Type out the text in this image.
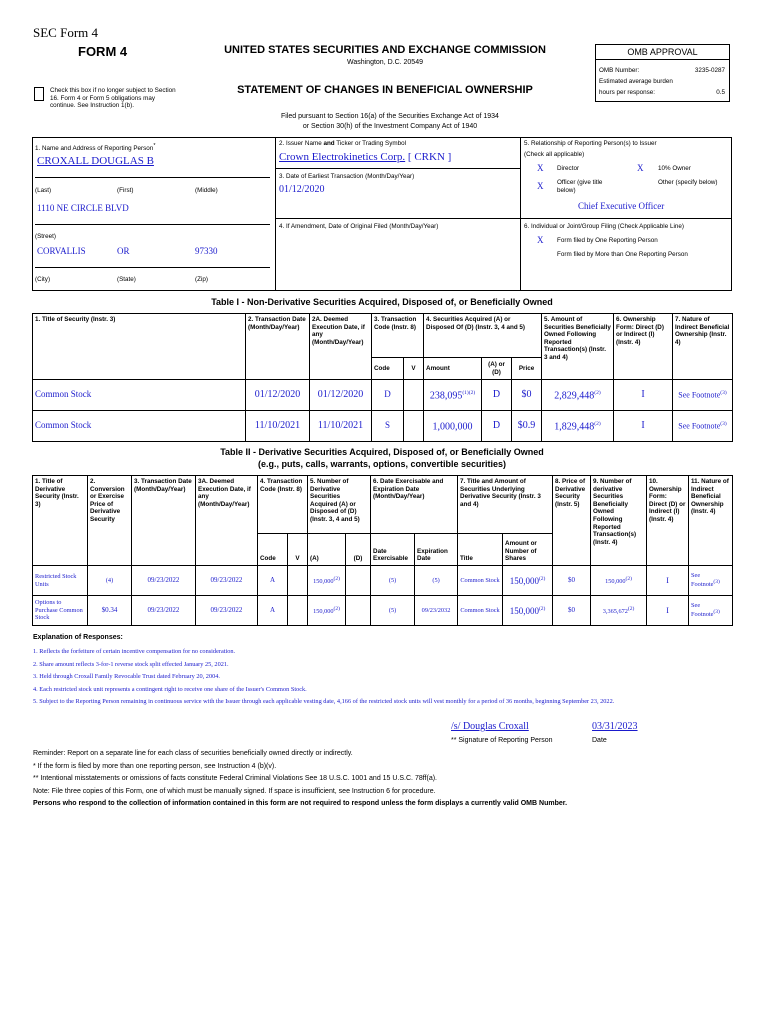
SEC Form 4
FORM 4	UNITED STATES SECURITIES AND EXCHANGE COMMISSION
Washington, D.C. 20549
Check this box if no longer subject to Section 16. Form 4 or Form 5 obligations may continue. See Instruction 1(b).
STATEMENT OF CHANGES IN BENEFICIAL OWNERSHIP
Filed pursuant to Section 16(a) of the Securities Exchange Act of 1934
or Section 30(h) of the Investment Company Act of 1940
OMB APPROVAL
OMB Number:	3235-0287
Estimated average burden
hours per response:	0.5
1. Name and Address of Reporting Person*
CROXALL DOUGLAS B
(Last)	(First)	(Middle)
1110 NE CIRCLE BLVD
(Street)
CORVALLIS	OR	97330
(City)	(State)	(Zip)
2. Issuer Name and Ticker or Trading Symbol
Crown Electrokinetics Corp. [ CRKN ]
3. Date of Earliest Transaction (Month/Day/Year)
01/12/2020
4. If Amendment, Date of Original Filed (Month/Day/Year)
5. Relationship of Reporting Person(s) to Issuer
(Check all applicable)
X Director	X 10% Owner
X Officer (give title below)
Other (specify below)
Chief Executive Officer
6. Individual or Joint/Group Filing (Check Applicable Line)
X Form filed by One Reporting Person
Form filed by More than One Reporting Person
Table I - Non-Derivative Securities Acquired, Disposed of, or Beneficially Owned
1. Title of Security (Instr. 3)	2. Transaction Date (Month/Day/Year)	2A. Deemed Execution Date, if any (Month/Day/Year)	3. Transaction Code (Instr. 8)		4. Securities Acquired (A) or Disposed Of (D) (Instr. 3, 4 and 5)			5. Amount of Securities Beneficially Owned Following Reported Transaction(s) (Instr. 3 and 4)	6. Ownership Form: Direct (D) or Indirect (I) (Instr. 4)	7. Nature of Indirect Beneficial Ownership (Instr. 4)
			Code	V	Amount	(A) or (D)	Price			
Common Stock	01/12/2020	01/12/2020	D		$238,095^{(1)(2)}$	D	$0	2,829,448$^{(2)}$	I	See Footnote$^{(3)}$
Common Stock	11/10/2021	11/10/2021	S		1,000,000	D	$0.9	1,829,448$^{(2)}$	I	See Footnote$^{(3)}$
Table II - Derivative Securities Acquired, Disposed of, or Beneficially Owned
(e.g., puts, calls, warrants, options, convertible securities)
1. Title of Derivative Security (Instr. 3)	2. Conversion or Exercise Price of Derivative Security	3. Transaction Date (Month/Day/Year)	3A. Deemed Execution Date, if any (Month/Day/Year)	4. Transaction Code (Instr. 8)		5. Number of Derivative Securities Acquired (A) or Disposed of (D) (Instr. 3, 4 and 5)		6. Date Exercisable and Expiration Date (Month/Day/Year)		7. Title and Amount of Securities Underlying Derivative Security (Instr. 3 and 4)		8. Price of Derivative Security (Instr. 5)	9. Number of derivative Securities Beneficially Owned Following Reported Transaction(s) (Instr. 4)	10. Ownership Form: Direct (D) or Indirect (I) (Instr. 4)	11. Nature of Indirect Beneficial Ownership (Instr. 4)
				Code	V	(A)	(D)	Date Exercisable	Expiration Date	Title	Amount or Number of Shares				
Restricted Stock Units	(4)	09/23/2022	09/23/2022	A		150,000(2)		(5)	(5)	Common Stock	150,000$^{(2)}$	$0	150,000(2)	I	See Footnote(3)
Options to Purchase Common Stock	$0.34	09/23/2022	09/23/2022	A		150,000(2)		(5)	09/23/2032	Common Stock	150,000$^{(2)}$	$0	3,365,672(2)	I	See Footnote(3)
Explanation of Responses:
1. Reflects the forfeiture of certain incentive compensation for no consideration.
2. Share amount reflects 3-for-1 reverse stock split effected January 25, 2021.
3. Held through Croxall Family Revocable Trust dated February 20, 2004.
4. Each restricted stock unit represents a contingent right to receive one share of the Issuer's Common Stock.
5. Subject to the Reporting Person remaining in continuous service with the Issuer through each applicable vesting date, 4,166 of the restricted stock units will vest monthly for a period of 36 months, beginning September 23, 2022.
/s/ Douglas Croxall	03/31/2023
** Signature of Reporting Person	Date
Reminder: Report on a separate line for each class of securities beneficially owned directly or indirectly.
* If the form is filed by more than one reporting person, see Instruction 4 (b)(v).
** Intentional misstatements or omissions of facts constitute Federal Criminal Violations See 18 U.S.C. 1001 and 15 U.S.C. 78ff(a).
Note: File three copies of this Form, one of which must be manually signed. If space is insufficient, see Instruction 6 for procedure.
Persons who respond to the collection of information contained in this form are not required to respond unless the form displays a currently valid OMB Number.
